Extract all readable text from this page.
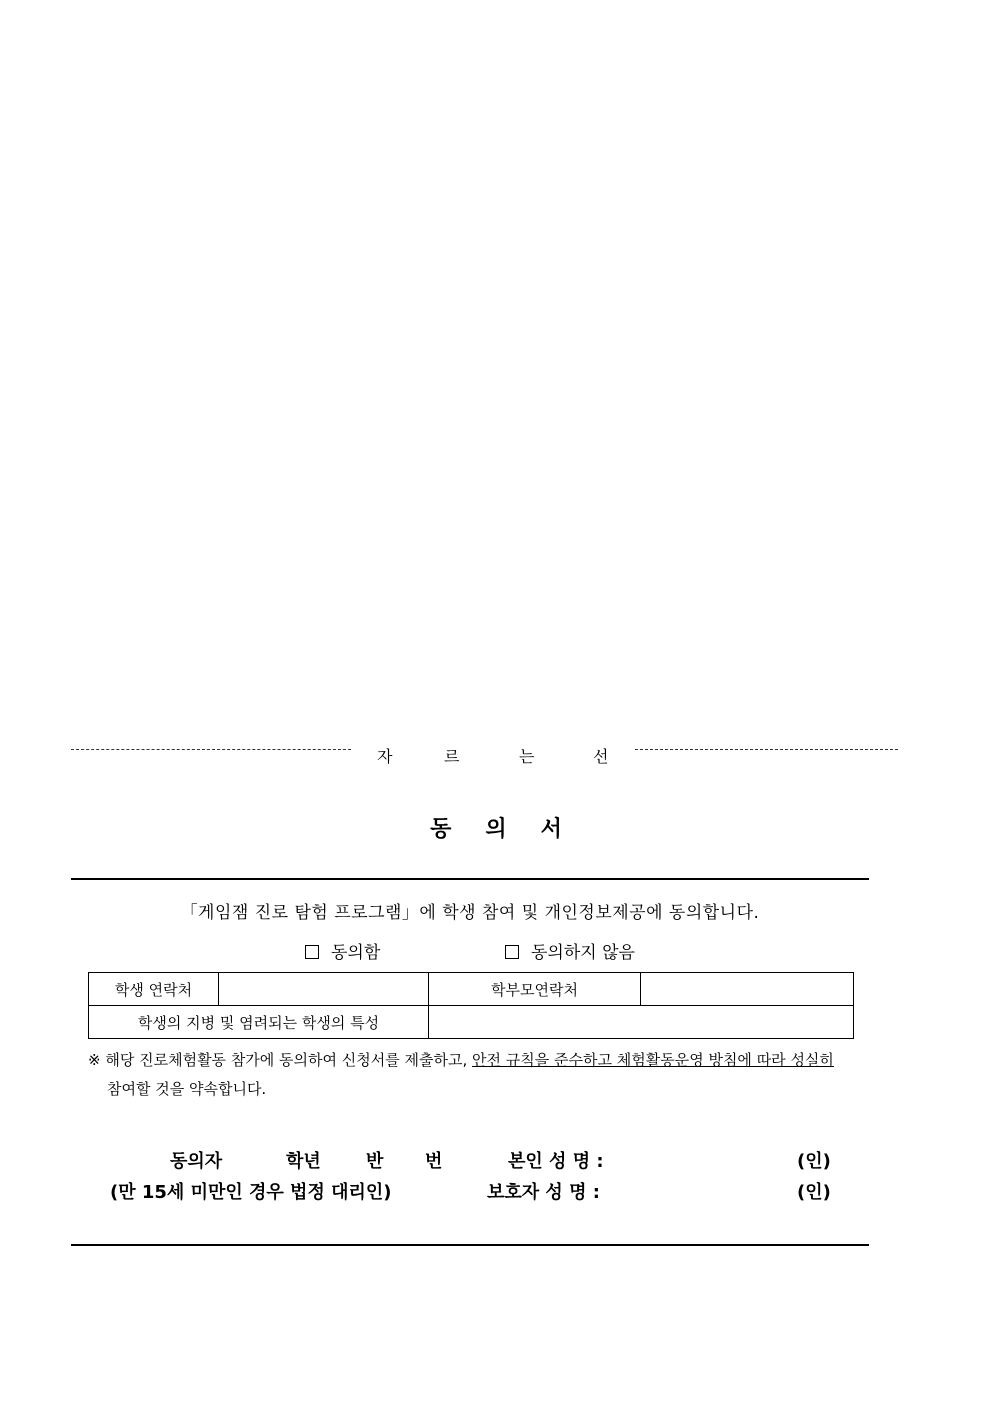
자	르	는	선
동의서
「게임잼 진로 탐험 프로그램」에 학생 참여 및 개인정보제공에 동의합니다.
동의함	동의하지 않음
학생 연락처		학부모연락처	
학생의 지병 및 염려되는 학생의 특성			
※ 해당 진로체험활동 참가에 동의하여 신청서를 제출하고, 안전 규칙을 준수하고 체험활동운영 방침에 따라 성실히
참여할 것을 약속합니다.
동의자	학년	반 번	본인 성 명 :	(인)
(만 15세 미만인 경우 법정 대리인)	보호자 성 명 :	(인)
